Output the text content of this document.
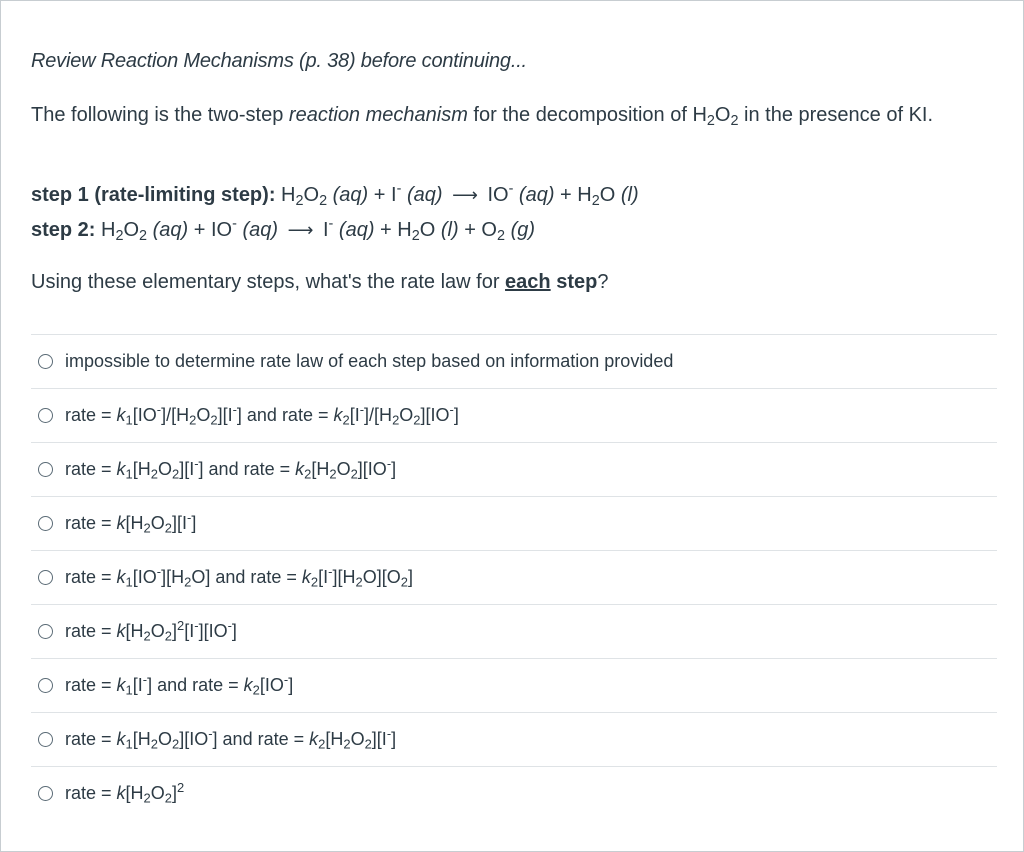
Review Reaction Mechanisms (p. 38) before continuing...
The following is the two-step reaction mechanism for the decomposition of $H_2O_2$ in the presence of KI.
step 1 (rate-limiting step): $H_2O_2$ (aq) + I- (aq) ⟶ IO- $(aq) + H_2O$ (l)
step 2: $H_2O_2$ (aq) + IO- (aq) ⟶ I- $(aq) + H_2O$ $(l) + O_2$ (g)
Using these elementary steps, what's the rate law for each step?
impossible to determine rate law of each step based on information provided
rate = $k_1[IO^-]/[H_2O_2][I^-]$ and rate = $k_2[I^-]/[H_2O_2][IO^-]$
rate = $k_1[H_2O_2][I^-]$ and rate = $k_2[H_2O_2][IO^-]$
rate = $k[H_2O_2][I^-]$
rate = $k_1[IO^-][H_2O]$ and rate = $k_2[I^-][H_2O][O_2]$
rate = $k[H_2O_2]^2[I^-][IO^-]$
rate = $k_1[I^-]$ and rate = $k_2[IO^-]$
rate = $k_1[H_2O_2][IO^-]$ and rate = $k_2[H_2O_2][I^-]$
rate = $k[H_2O_2]^2$
